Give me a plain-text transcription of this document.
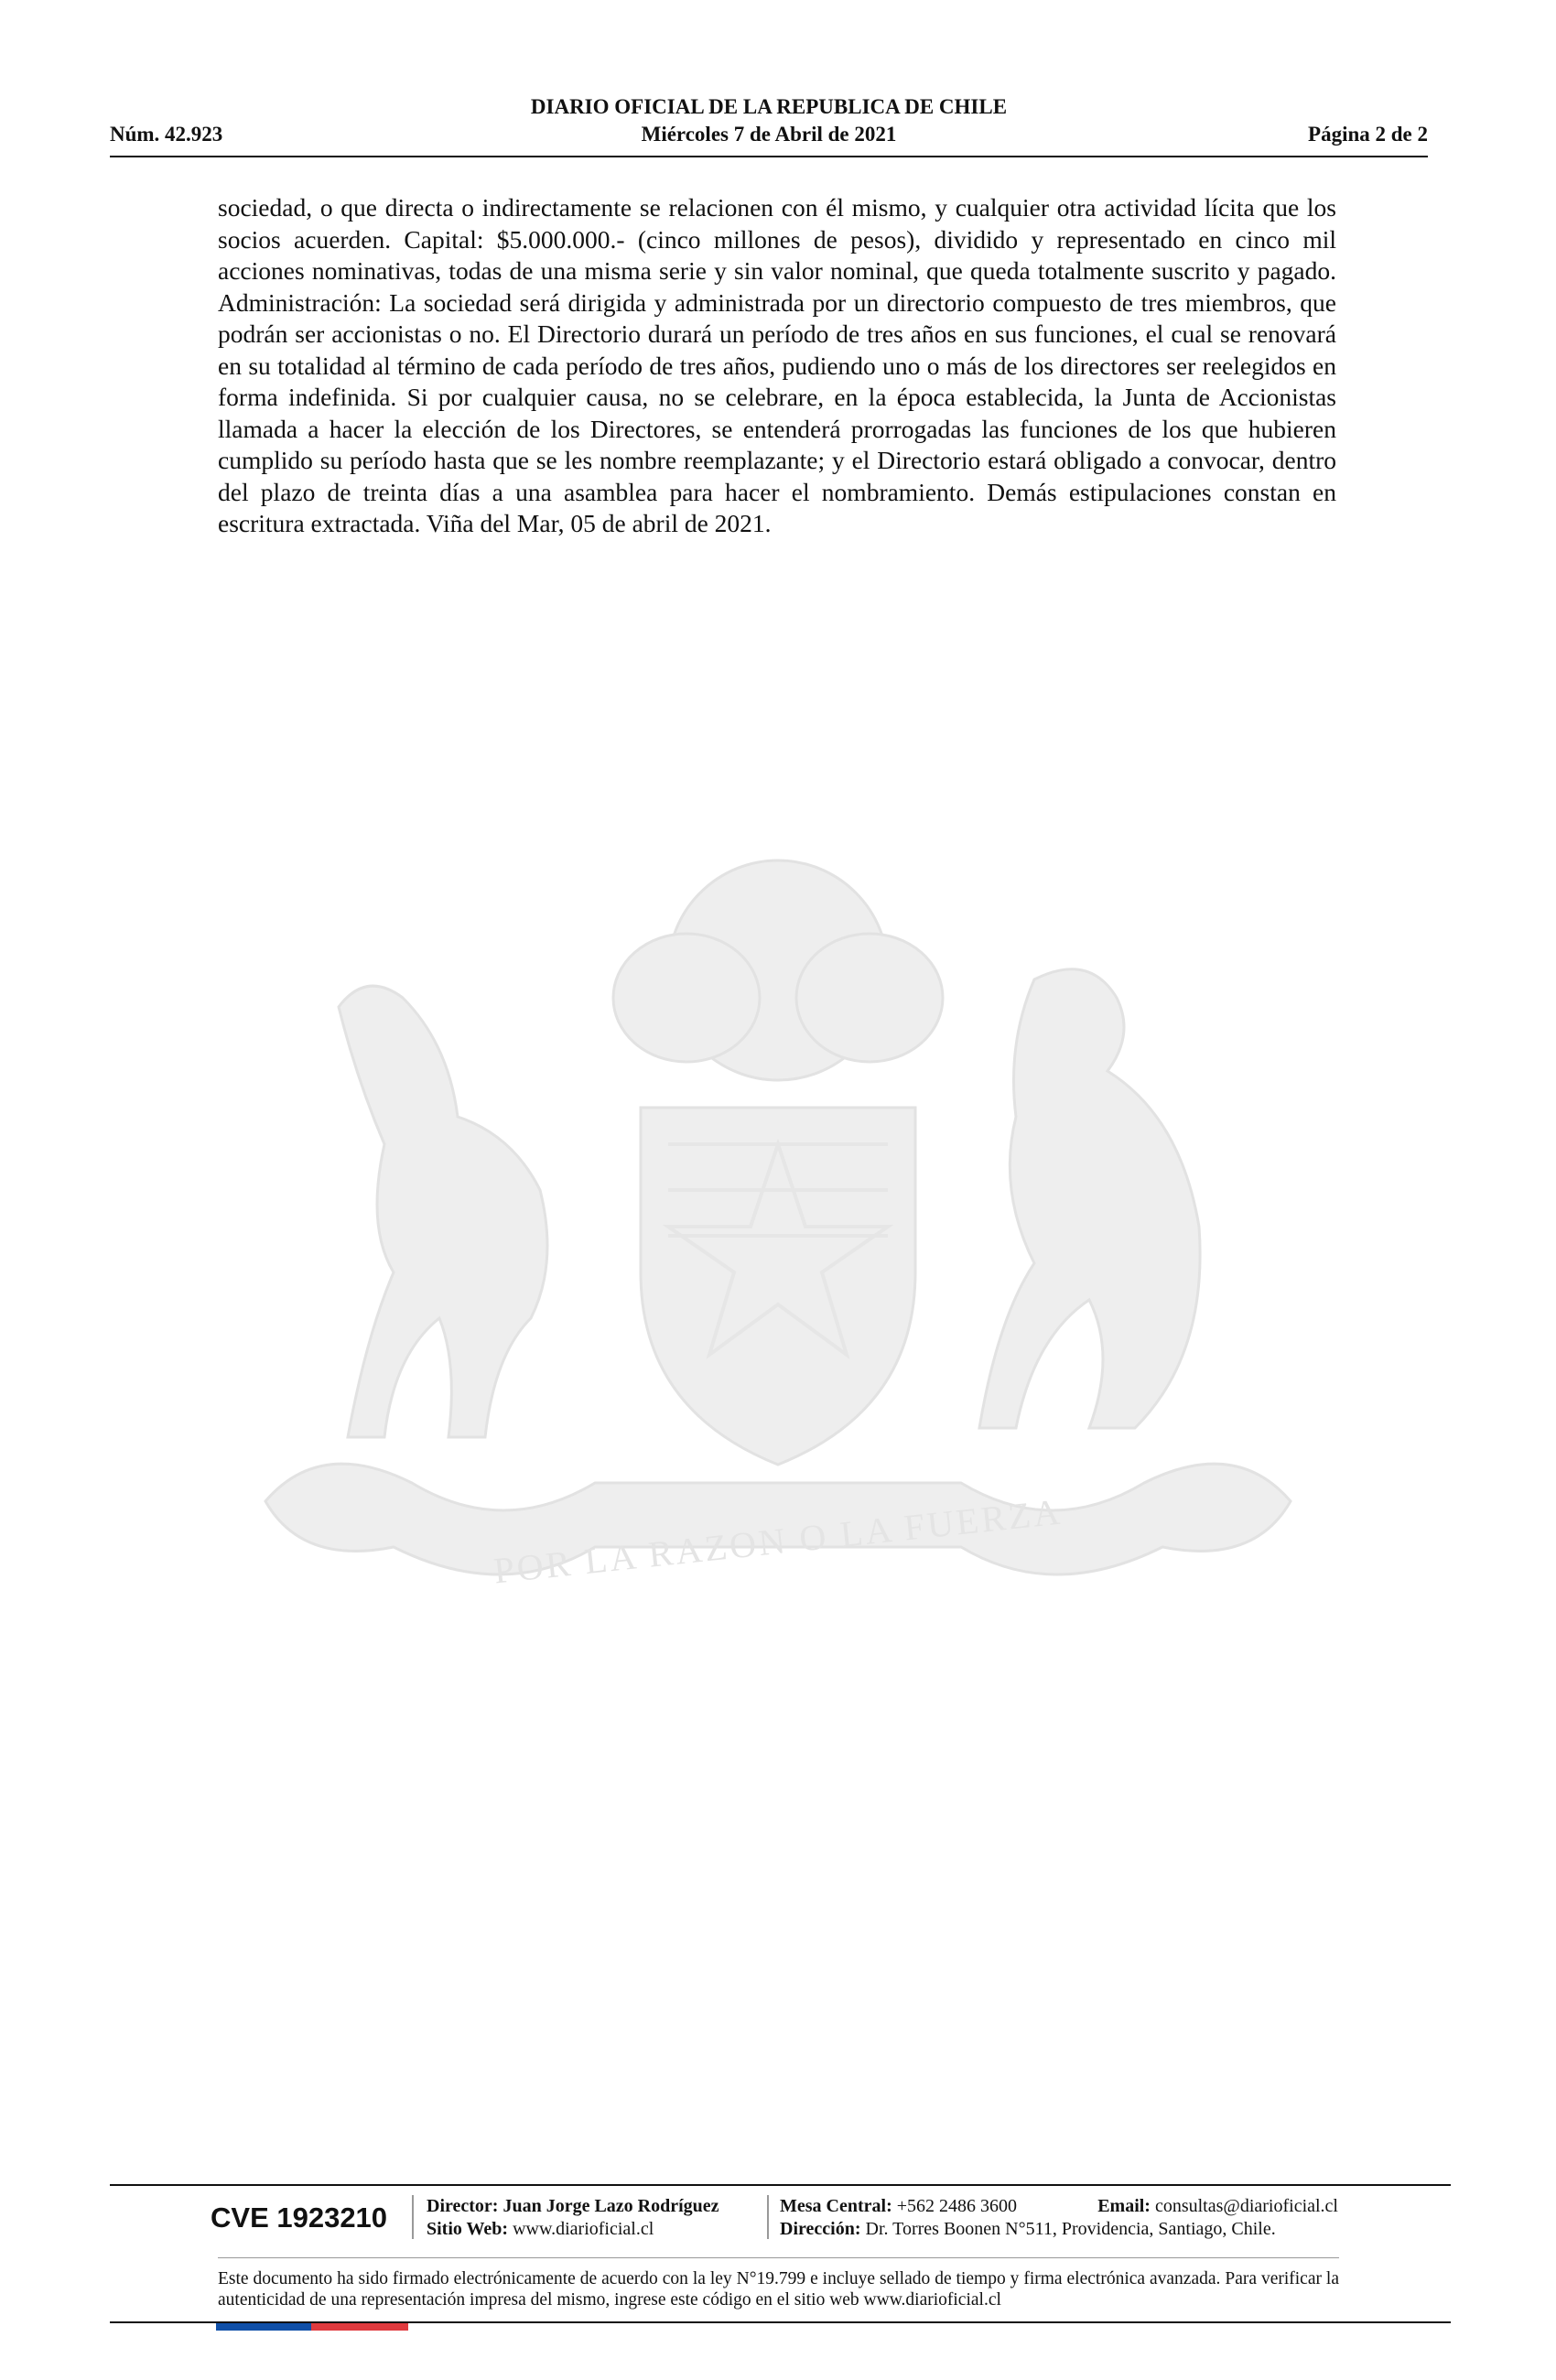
DIARIO OFICIAL DE LA REPUBLICA DE CHILE
Núm. 42.923	Miércoles 7 de Abril de 2021	Página 2 de 2
POR LA RAZON O LA FUERZA
sociedad, o que directa o indirectamente se relacionen con él mismo, y cualquier otra actividad lícita que los socios acuerden. Capital: $5.000.000.- (cinco millones de pesos), dividido y representado en cinco mil acciones nominativas, todas de una misma serie y sin valor nominal, que queda totalmente suscrito y pagado. Administración: La sociedad será dirigida y administrada por un directorio compuesto de tres miembros, que podrán ser accionistas o no. El Directorio durará un período de tres años en sus funciones, el cual se renovará en su totalidad al término de cada período de tres años, pudiendo uno o más de los directores ser reelegidos en forma indefinida. Si por cualquier causa, no se celebrare, en la época establecida, la Junta de Accionistas llamada a hacer la elección de los Directores, se entenderá prorrogadas las funciones de los que hubieren cumplido su período hasta que se les nombre reemplazante; y el Directorio estará obligado a convocar, dentro del plazo de treinta días a una asamblea para hacer el nombramiento. Demás estipulaciones constan en escritura extractada. Viña del Mar, 05 de abril de 2021.
CVE 1923210	Director: Juan Jorge Lazo Rodríguez
Sitio Web: www.diarioficial.cl
Mesa Central: +562 2486 3600	Email: consultas@diarioficial.cl
Dirección: Dr. Torres Boonen N°511, Providencia, Santiago, Chile.
Este documento ha sido firmado electrónicamente de acuerdo con la ley N°19.799 e incluye sellado de tiempo y firma electrónica avanzada. Para verificar la autenticidad de una representación impresa del mismo, ingrese este código en el sitio web www.diarioficial.cl
